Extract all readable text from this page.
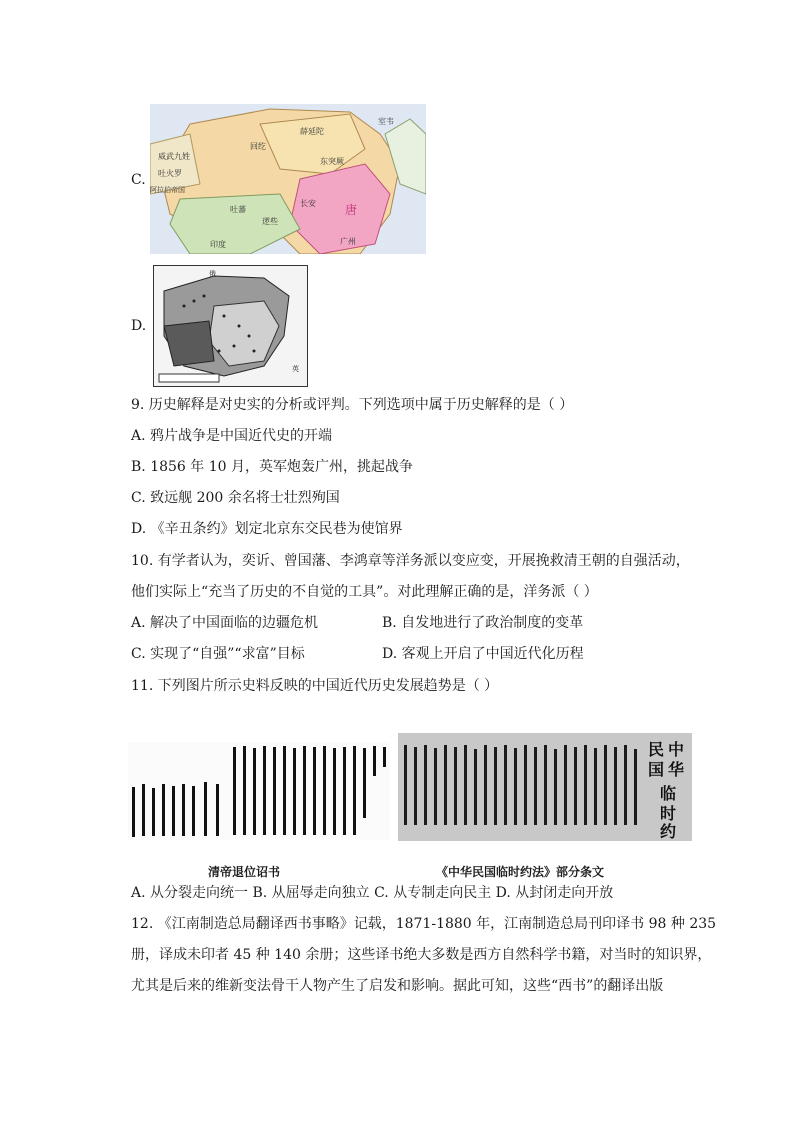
C.
薛延陀
室韦
威武九姓
吐火罗
东突厥
回纥
吐蕃
逻些
长安 唐
印度
阿拉伯帝国
广州
D.
俄
英
9. 历史解释是对史实的分析或评判。下列选项中属于历史解释的是（ ）
A. 鸦片战争是中国近代史的开端
B. 1856 年 10 月，英军炮轰广州，挑起战争
C. 致远舰 200 余名将士壮烈殉国
D. 《辛丑条约》划定北京东交民巷为使馆界
10. 有学者认为，奕䜣、曾国藩、李鸿章等洋务派以变应变，开展挽救清王朝的自强活动，
他们实际上“充当了历史的不自觉的工具”。对此理解正确的是，洋务派（ ）
A. 解决了中国面临的边疆危机	B. 自发地进行了政治制度的变革
C. 实现了“自强”“求富”目标	D. 客观上开启了中国近代化历程
11. 下列图片所示史料反映的中国近代历史发展趋势是（ ）
中
华
民
国
临
时
约
清帝退位诏书	《中华民国临时约法》部分条文
A. 从分裂走向统一 B. 从屈辱走向独立 C. 从专制走向民主 D. 从封闭走向开放
12. 《江南制造总局翻译西书事略》记载，1871-1880 年，江南制造总局刊印译书 98 种 235
册，译成未印者 45 种 140 余册；这些译书绝大多数是西方自然科学书籍，对当时的知识界，
尤其是后来的维新变法骨干人物产生了启发和影响。据此可知，这些“西书”的翻译出版
